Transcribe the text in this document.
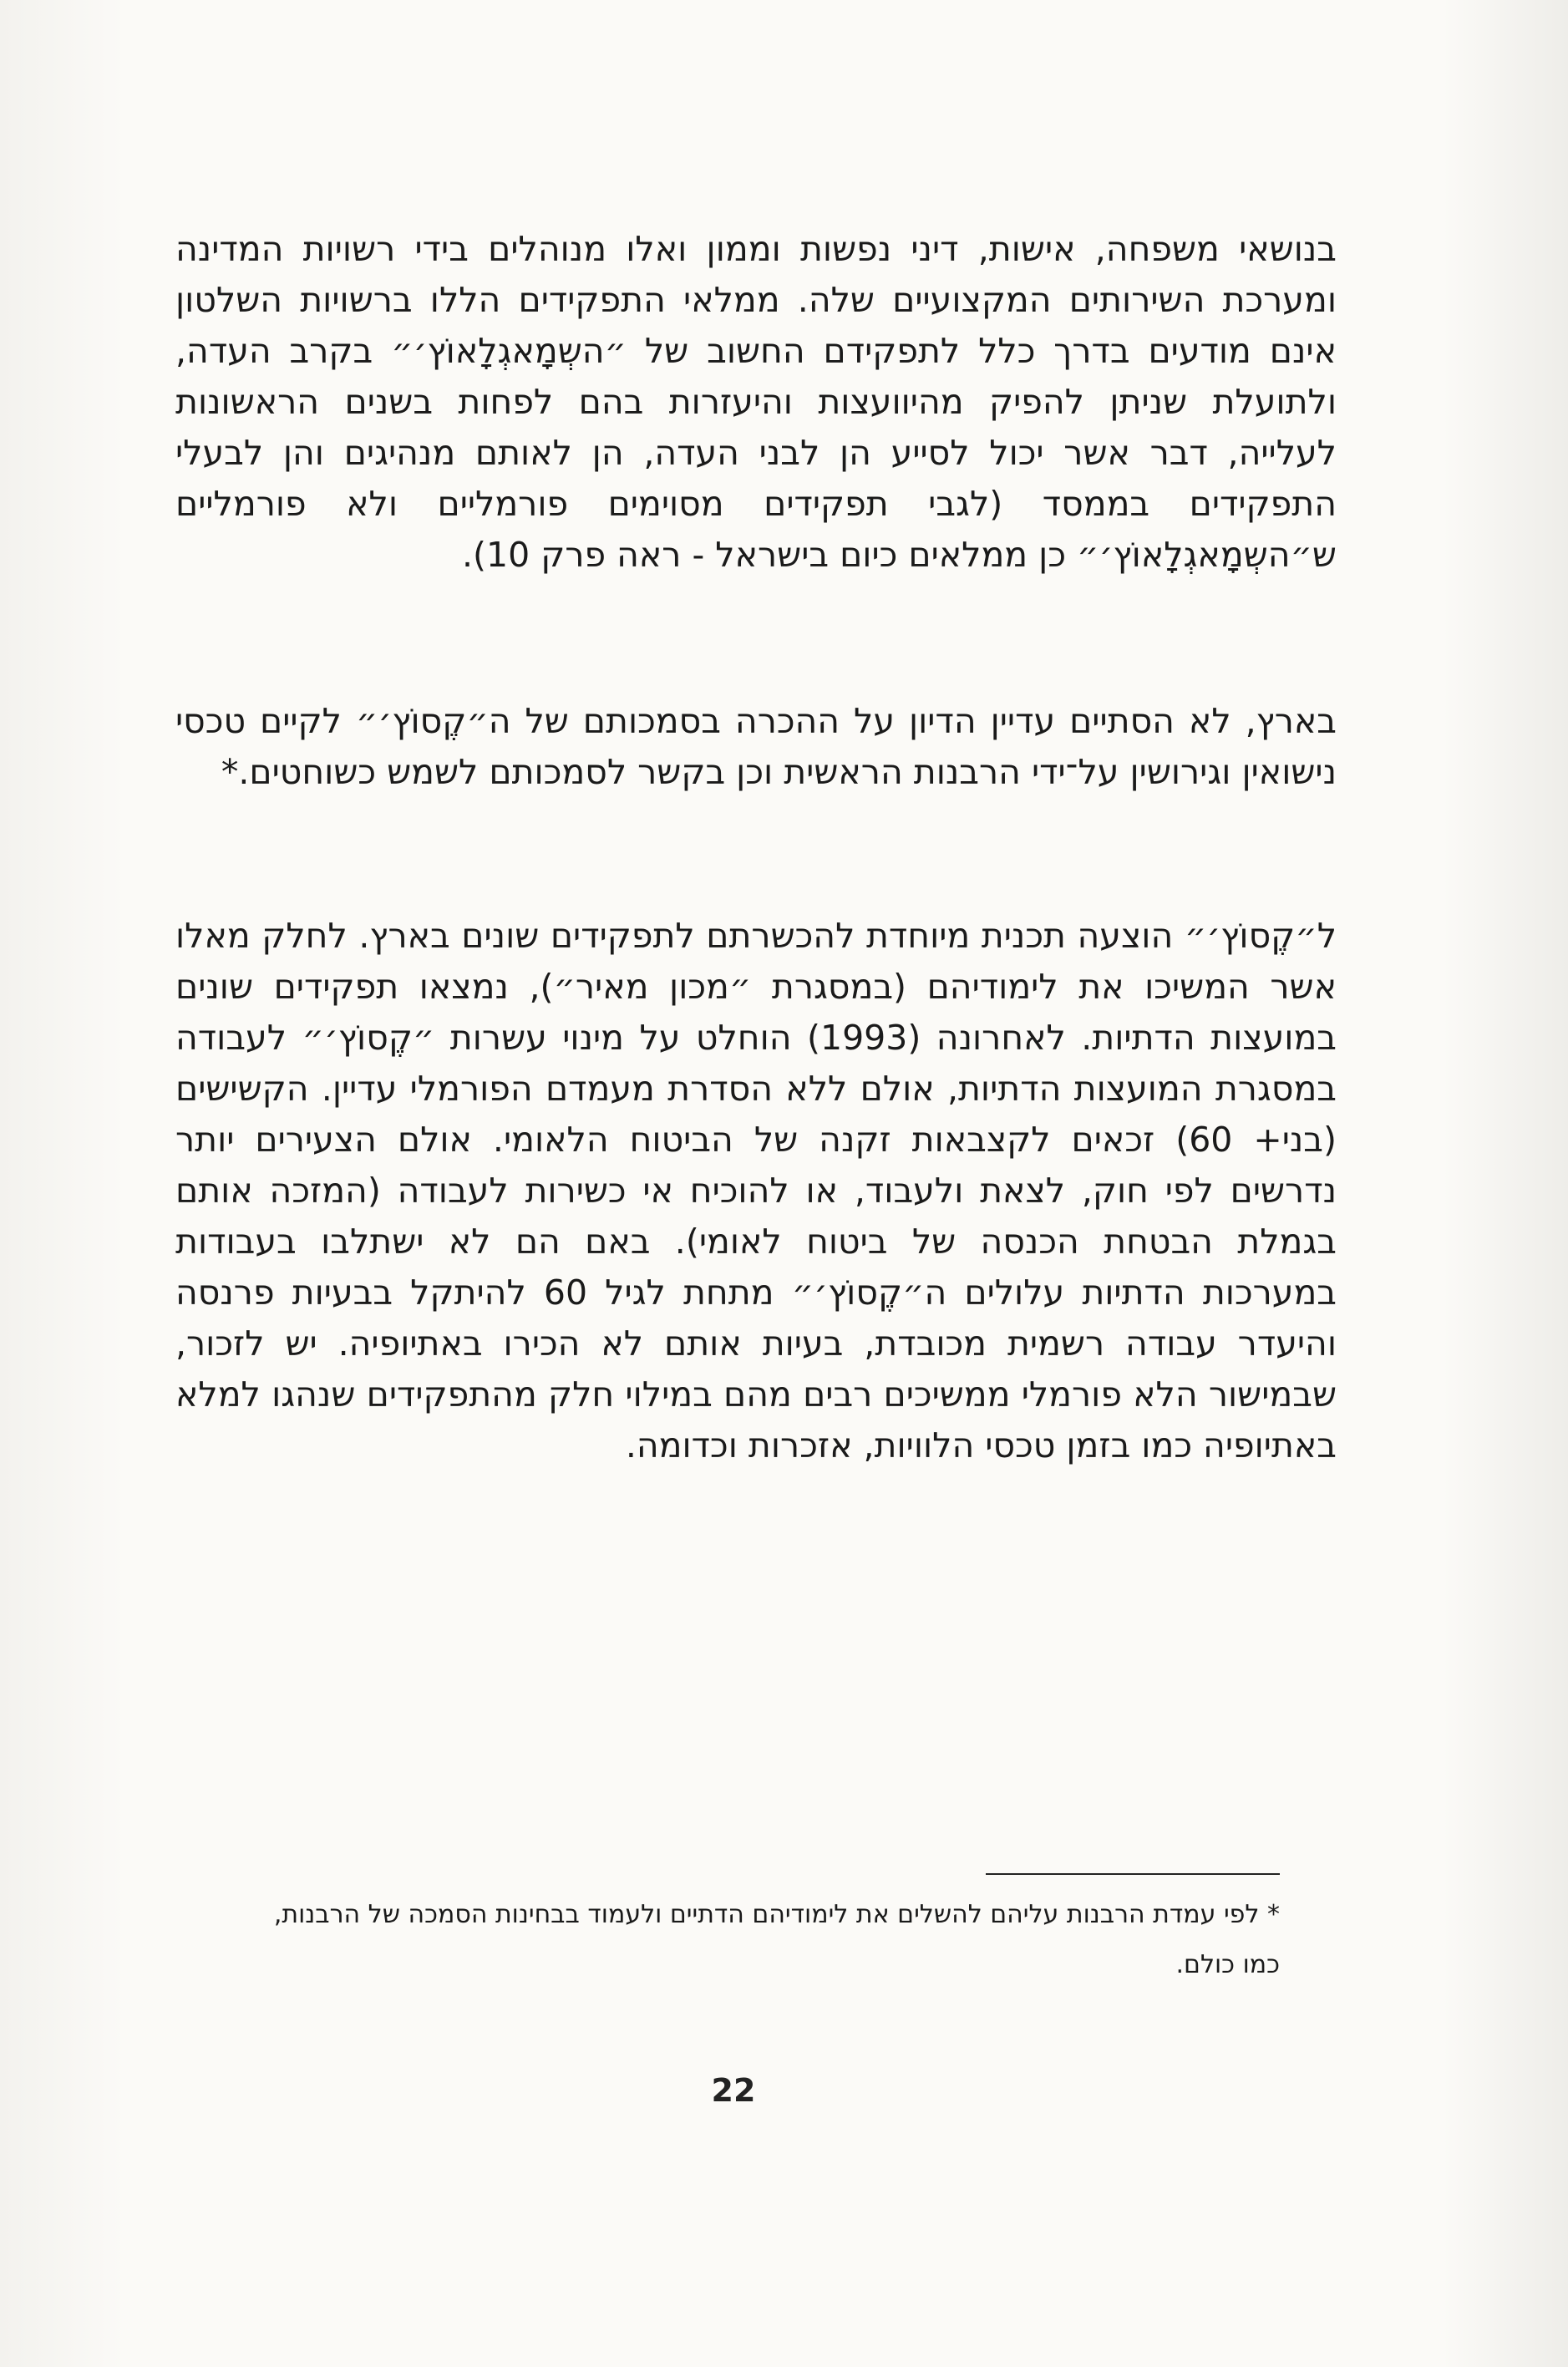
בנושאי משפחה, אישות, דיני נפשות וממון ואלו מנוהלים בידי רשויות המדינה ומערכת השירותים המקצועיים שלה. ממלאי התפקידים הללו ברשויות השלטון אינם מודעים בדרך כלל לתפקידם החשוב של ״השְמָאגְלָאוֹץ׳״ בקרב העדה, ולתועלת שניתן להפיק מהיוועצות והיעזרות בהם לפחות בשנים הראשונות לעלייה, דבר אשר יכול לסייע הן לבני העדה, הן לאותם מנהיגים והן לבעלי התפקידים בממסד (לגבי תפקידים מסוימים פורמליים ולא פורמליים ש״השְמָאגְלָאוֹץ׳״ כן ממלאים כיום בישראל - ראה פרק 10).

בארץ, לא הסתיים עדיין הדיון על ההכרה בסמכותם של ה״קֶסוֹץ׳״ לקיים טכסי נישואין וגירושין על־ידי הרבנות הראשית וכן בקשר לסמכותם לשמש כשוחטים.*

ל״קֶסוֹץ׳״ הוצעה תכנית מיוחדת להכשרתם לתפקידים שונים בארץ. לחלק מאלו אשר המשיכו את לימודיהם (במסגרת ״מכון מאיר״), נמצאו תפקידים שונים במועצות הדתיות. לאחרונה (1993) הוחלט על מינוי עשרות ״קֶסוֹץ׳״ לעבודה במסגרת המועצות הדתיות, אולם ללא הסדרת מעמדם הפורמלי עדיין. הקשישים (בני+ 60) זכאים לקצבאות זקנה של הביטוח הלאומי. אולם הצעירים יותר נדרשים לפי חוק, לצאת ולעבוד, או להוכיח אי כשירות לעבודה (המזכה אותם בגמלת הבטחת הכנסה של ביטוח לאומי). באם הם לא ישתלבו בעבודות במערכות הדתיות עלולים ה״קֶסוֹץ׳״ מתחת לגיל 60 להיתקל בבעיות פרנסה והיעדר עבודה רשמית מכובדת, בעיות אותם לא הכירו באתיופיה. יש לזכור, שבמישור הלא פורמלי ממשיכים רבים מהם במילוי חלק מהתפקידים שנהגו למלא באתיופיה כמו בזמן טכסי הלוויות, אזכרות וכדומה.

* לפי עמדת הרבנות עליהם להשלים את לימודיהם הדתיים ולעמוד בבחינות הסמכה של הרבנות,

כמו כולם.

22
